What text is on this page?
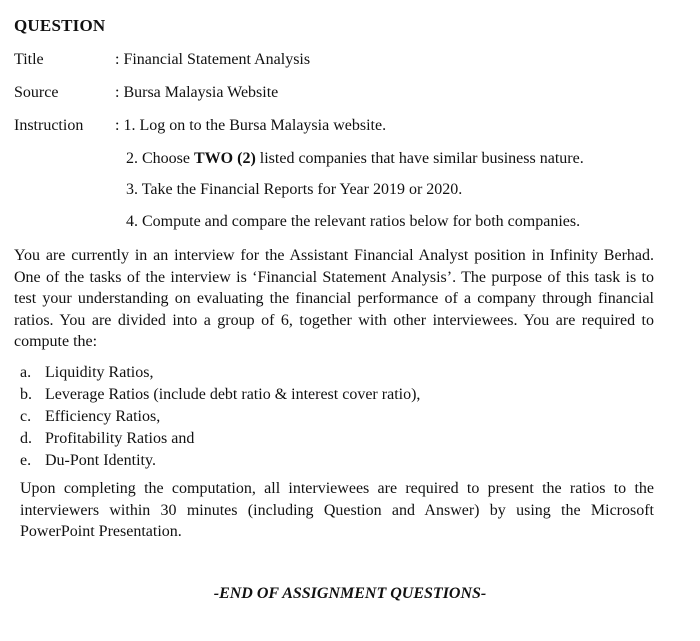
QUESTION
Title	: Financial Statement Analysis
Source	: Bursa Malaysia Website
Instruction : 1. Log on to the Bursa Malaysia website.
2. Choose TWO (2) listed companies that have similar business nature.
3. Take the Financial Reports for Year 2019 or 2020.
4. Compute and compare the relevant ratios below for both companies.

You are currently in an interview for the Assistant Financial Analyst position in Infinity Berhad. One of the tasks of the interview is ‘Financial Statement Analysis’. The purpose of this task is to test your understanding on evaluating the financial performance of a company through financial ratios. You are divided into a group of 6, together with other interviewees. You are required to compute the:

a. Liquidity Ratios,
b. Leverage Ratios (include debt ratio & interest cover ratio),
c. Efficiency Ratios,
d. Profitability Ratios and
e. Du-Pont Identity.

Upon completing the computation, all interviewees are required to present the ratios to the interviewers within 30 minutes (including Question and Answer) by using the Microsoft PowerPoint Presentation.

-END OF ASSIGNMENT QUESTIONS-
